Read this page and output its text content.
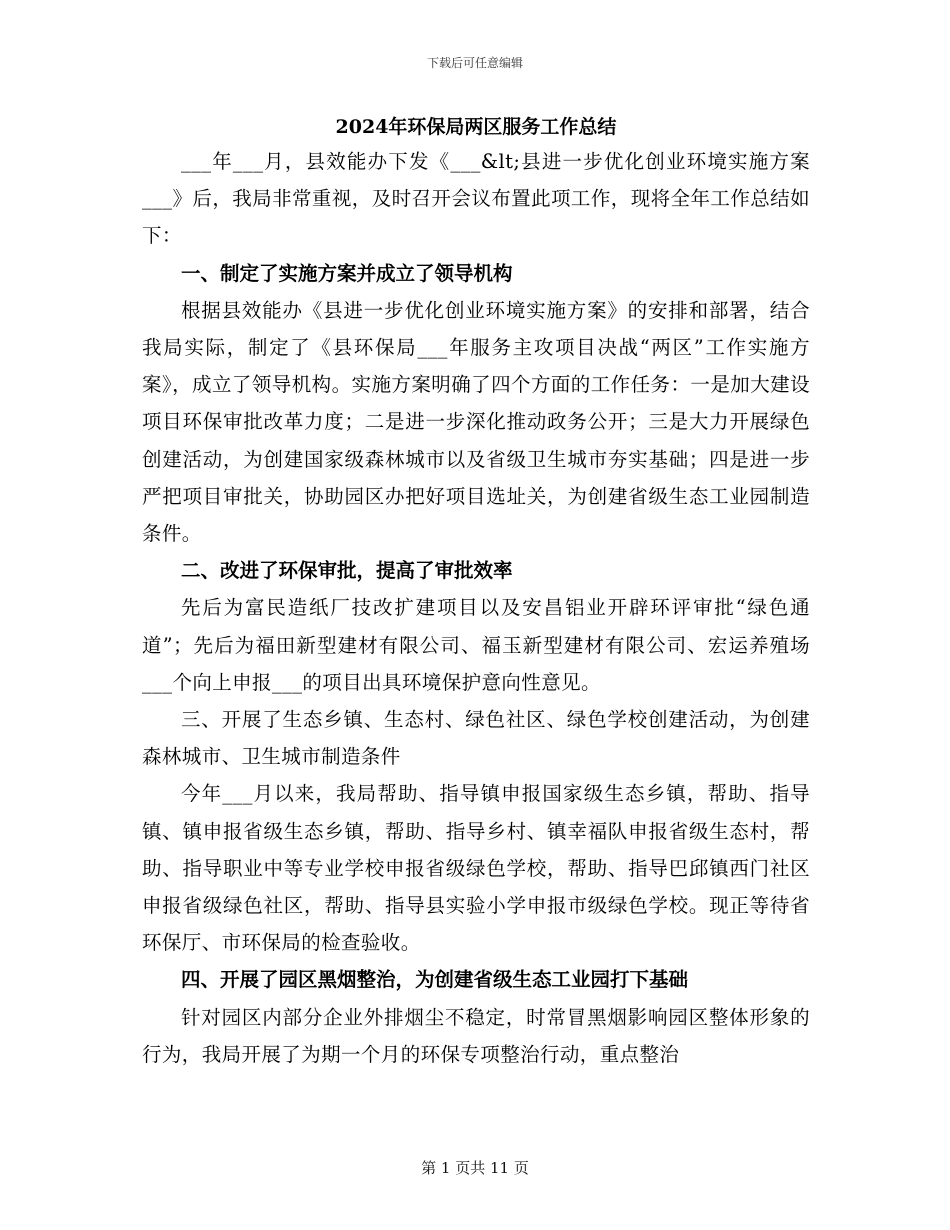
下载后可任意编辑
2024年环保局两区服务工作总结

___年___月，县效能办下发《___&lt;县进一步优化创业环境实施方案___》后，我局非常重视，及时召开会议布置此项工作，现将全年工作总结如下：

一、制定了实施方案并成立了领导机构

根据县效能办《县进一步优化创业环境实施方案》的安排和部署，结合我局实际，制定了《县环保局___年服务主攻项目决战“两区”工作实施方案》，成立了领导机构。实施方案明确了四个方面的工作任务：一是加大建设项目环保审批改革力度；二是进一步深化推动政务公开；三是大力开展绿色创建活动，为创建国家级森林城市以及省级卫生城市夯实基础；四是进一步严把项目审批关，协助园区办把好项目选址关，为创建省级生态工业园制造条件。

二、改进了环保审批，提高了审批效率

先后为富民造纸厂技改扩建项目以及安昌铝业开辟环评审批“绿色通道”；先后为福田新型建材有限公司、福玉新型建材有限公司、宏运养殖场___个向上申报___的项目出具环境保护意向性意见。

三、开展了生态乡镇、生态村、绿色社区、绿色学校创建活动，为创建森林城市、卫生城市制造条件

今年___月以来，我局帮助、指导镇申报国家级生态乡镇，帮助、指导镇、镇申报省级生态乡镇，帮助、指导乡村、镇幸福队申报省级生态村，帮助、指导职业中等专业学校申报省级绿色学校，帮助、指导巴邱镇西门社区申报省级绿色社区，帮助、指导县实验小学申报市级绿色学校。现正等待省环保厅、市环保局的检查验收。

四、开展了园区黑烟整治，为创建省级生态工业园打下基础

针对园区内部分企业外排烟尘不稳定，时常冒黑烟影响园区整体形象的行为，我局开展了为期一个月的环保专项整治行动，重点整治

第 1 页共 11 页
